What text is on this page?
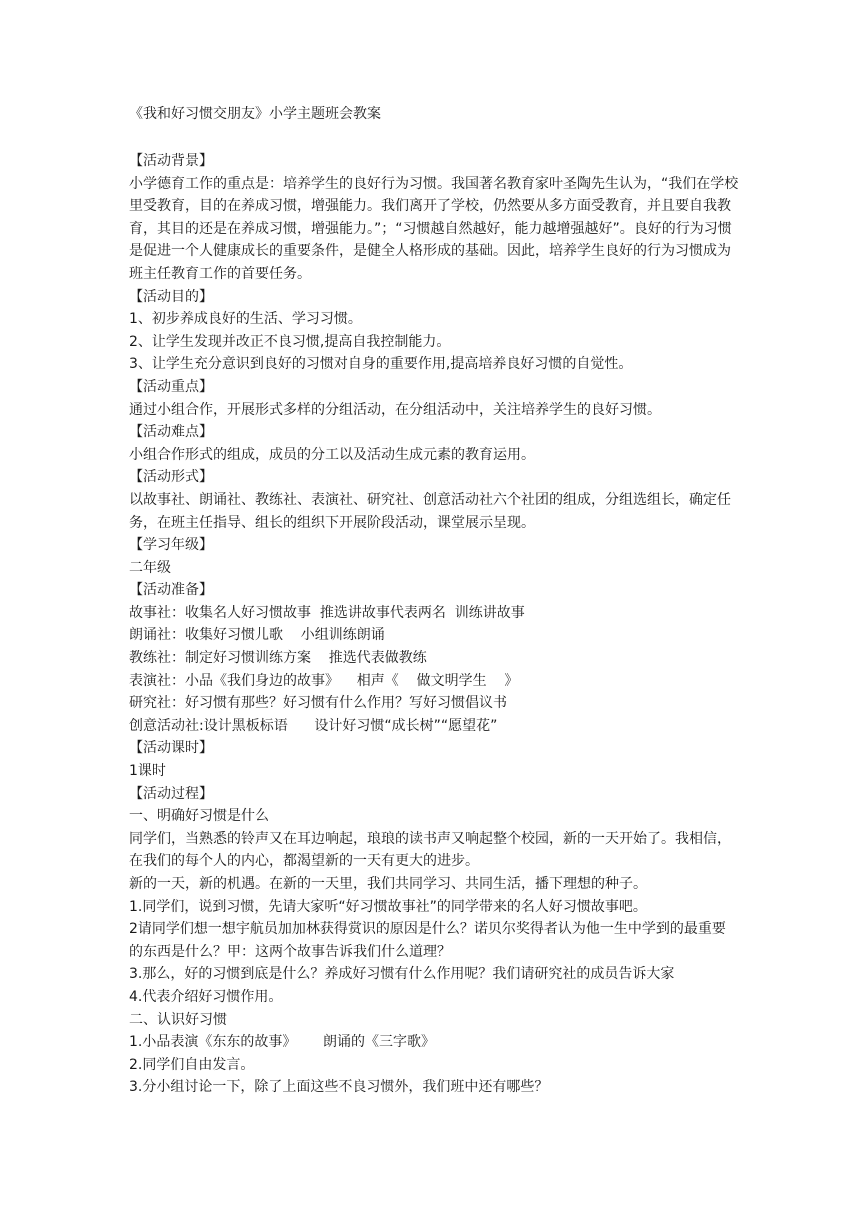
《我和好习惯交朋友》小学主题班会教案

【活动背景】

小学德育工作的重点是：培养学生的良好行为习惯。我国著名教育家叶圣陶先生认为，“我们在学校里受教育，目的在养成习惯，增强能力。我们离开了学校，仍然要从多方面受教育，并且要自我教育，其目的还是在养成习惯，增强能力。”；“习惯越自然越好，能力越增强越好”。良好的行为习惯是促进一个人健康成长的重要条件，是健全人格形成的基础。因此，培养学生良好的行为习惯成为班主任教育工作的首要任务。

【活动目的】

1、初步养成良好的生活、学习习惯。

2、让学生发现并改正不良习惯,提高自我控制能力。

3、让学生充分意识到良好的习惯对自身的重要作用,提高培养良好习惯的自觉性。

【活动重点】

通过小组合作，开展形式多样的分组活动，在分组活动中，关注培养学生的良好习惯。

【活动难点】

小组合作形式的组成，成员的分工以及活动生成元素的教育运用。

【活动形式】

以故事社、朗诵社、教练社、表演社、研究社、创意活动社六个社团的组成，分组选组长，确定任务，在班主任指导、组长的组织下开展阶段活动，课堂展示呈现。

【学习年级】

二年级

【活动准备】

故事社：收集名人好习惯故事  推选讲故事代表两名  训练讲故事

朗诵社：收集好习惯儿歌    小组训练朗诵

教练社：制定好习惯训练方案    推选代表做教练

表演社：小品《我们身边的故事》    相声《    做文明学生    》

研究社：好习惯有那些？好习惯有什么作用？写好习惯倡议书

创意活动社:设计黑板标语      设计好习惯“成长树”“愿望花”

【活动课时】

1课时

【活动过程】

一、明确好习惯是什么

同学们，当熟悉的铃声又在耳边响起，琅琅的读书声又响起整个校园，新的一天开始了。我相信，在我们的每个人的内心，都渴望新的一天有更大的进步。

新的一天，新的机遇。在新的一天里，我们共同学习、共同生活，播下理想的种子。

1.同学们，说到习惯，先请大家听“好习惯故事社”的同学带来的名人好习惯故事吧。

2请同学们想一想宇航员加加林获得赏识的原因是什么？诺贝尔奖得者认为他一生中学到的最重要的东西是什么？甲：这两个故事告诉我们什么道理？

3.那么，好的习惯到底是什么？养成好习惯有什么作用呢？我们请研究社的成员告诉大家

4.代表介绍好习惯作用。

二、认识好习惯

1.小品表演《东东的故事》      朗诵的《三字歌》

2.同学们自由发言。

3.分小组讨论一下，除了上面这些不良习惯外，我们班中还有哪些？
